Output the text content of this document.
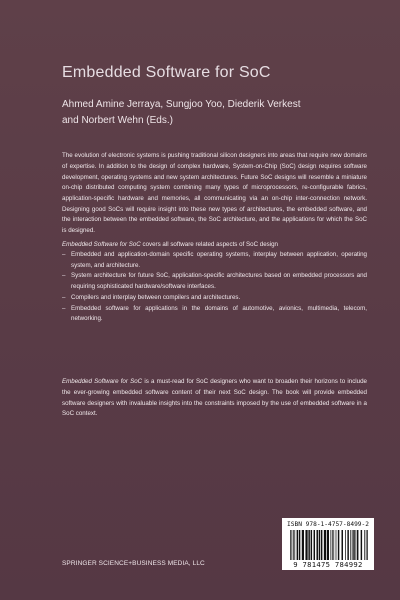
Embedded Software for SoC
Ahmed Amine Jerraya, Sungjoo Yoo, Diederik Verkest
and Norbert Wehn (Eds.)

The evolution of electronic systems is pushing traditional silicon designers into areas that require new domains of expertise. In addition to the design of complex hardware, System-on-Chip (SoC) design requires software development, operating systems and new system architectures. Future SoC designs will resemble a miniature on-chip distributed computing system combining many types of microprocessors, re-configurable fabrics, application-specific hardware and memories, all communicating via an on-chip inter-connection network. Designing good SoCs will require insight into these new types of architectures, the embedded software, and the interaction between the embedded software, the SoC architecture, and the applications for which the SoC is designed.

Embedded Software for SoC covers all software related aspects of SoC design
– Embedded and application-domain specific operating systems, interplay between application, operating system, and architecture.
– System architecture for future SoC, application-specific architectures based on embedded processors and requiring sophisticated hardware/software interfaces.
– Compilers and interplay between compilers and architectures.
– Embedded software for applications in the domains of automotive, avionics, multimedia, telecom, networking.

Embedded Software for SoC is a must-read for SoC designers who want to broaden their horizons to include the ever-growing embedded software content of their next SoC design. The book will provide embedded software designers with invaluable insights into the constraints imposed by the use of embedded software in a SoC context.

ISBN 978-1-4757-8499-2
9 781475 784992
SPRINGER SCIENCE+BUSINESS MEDIA, LLC
